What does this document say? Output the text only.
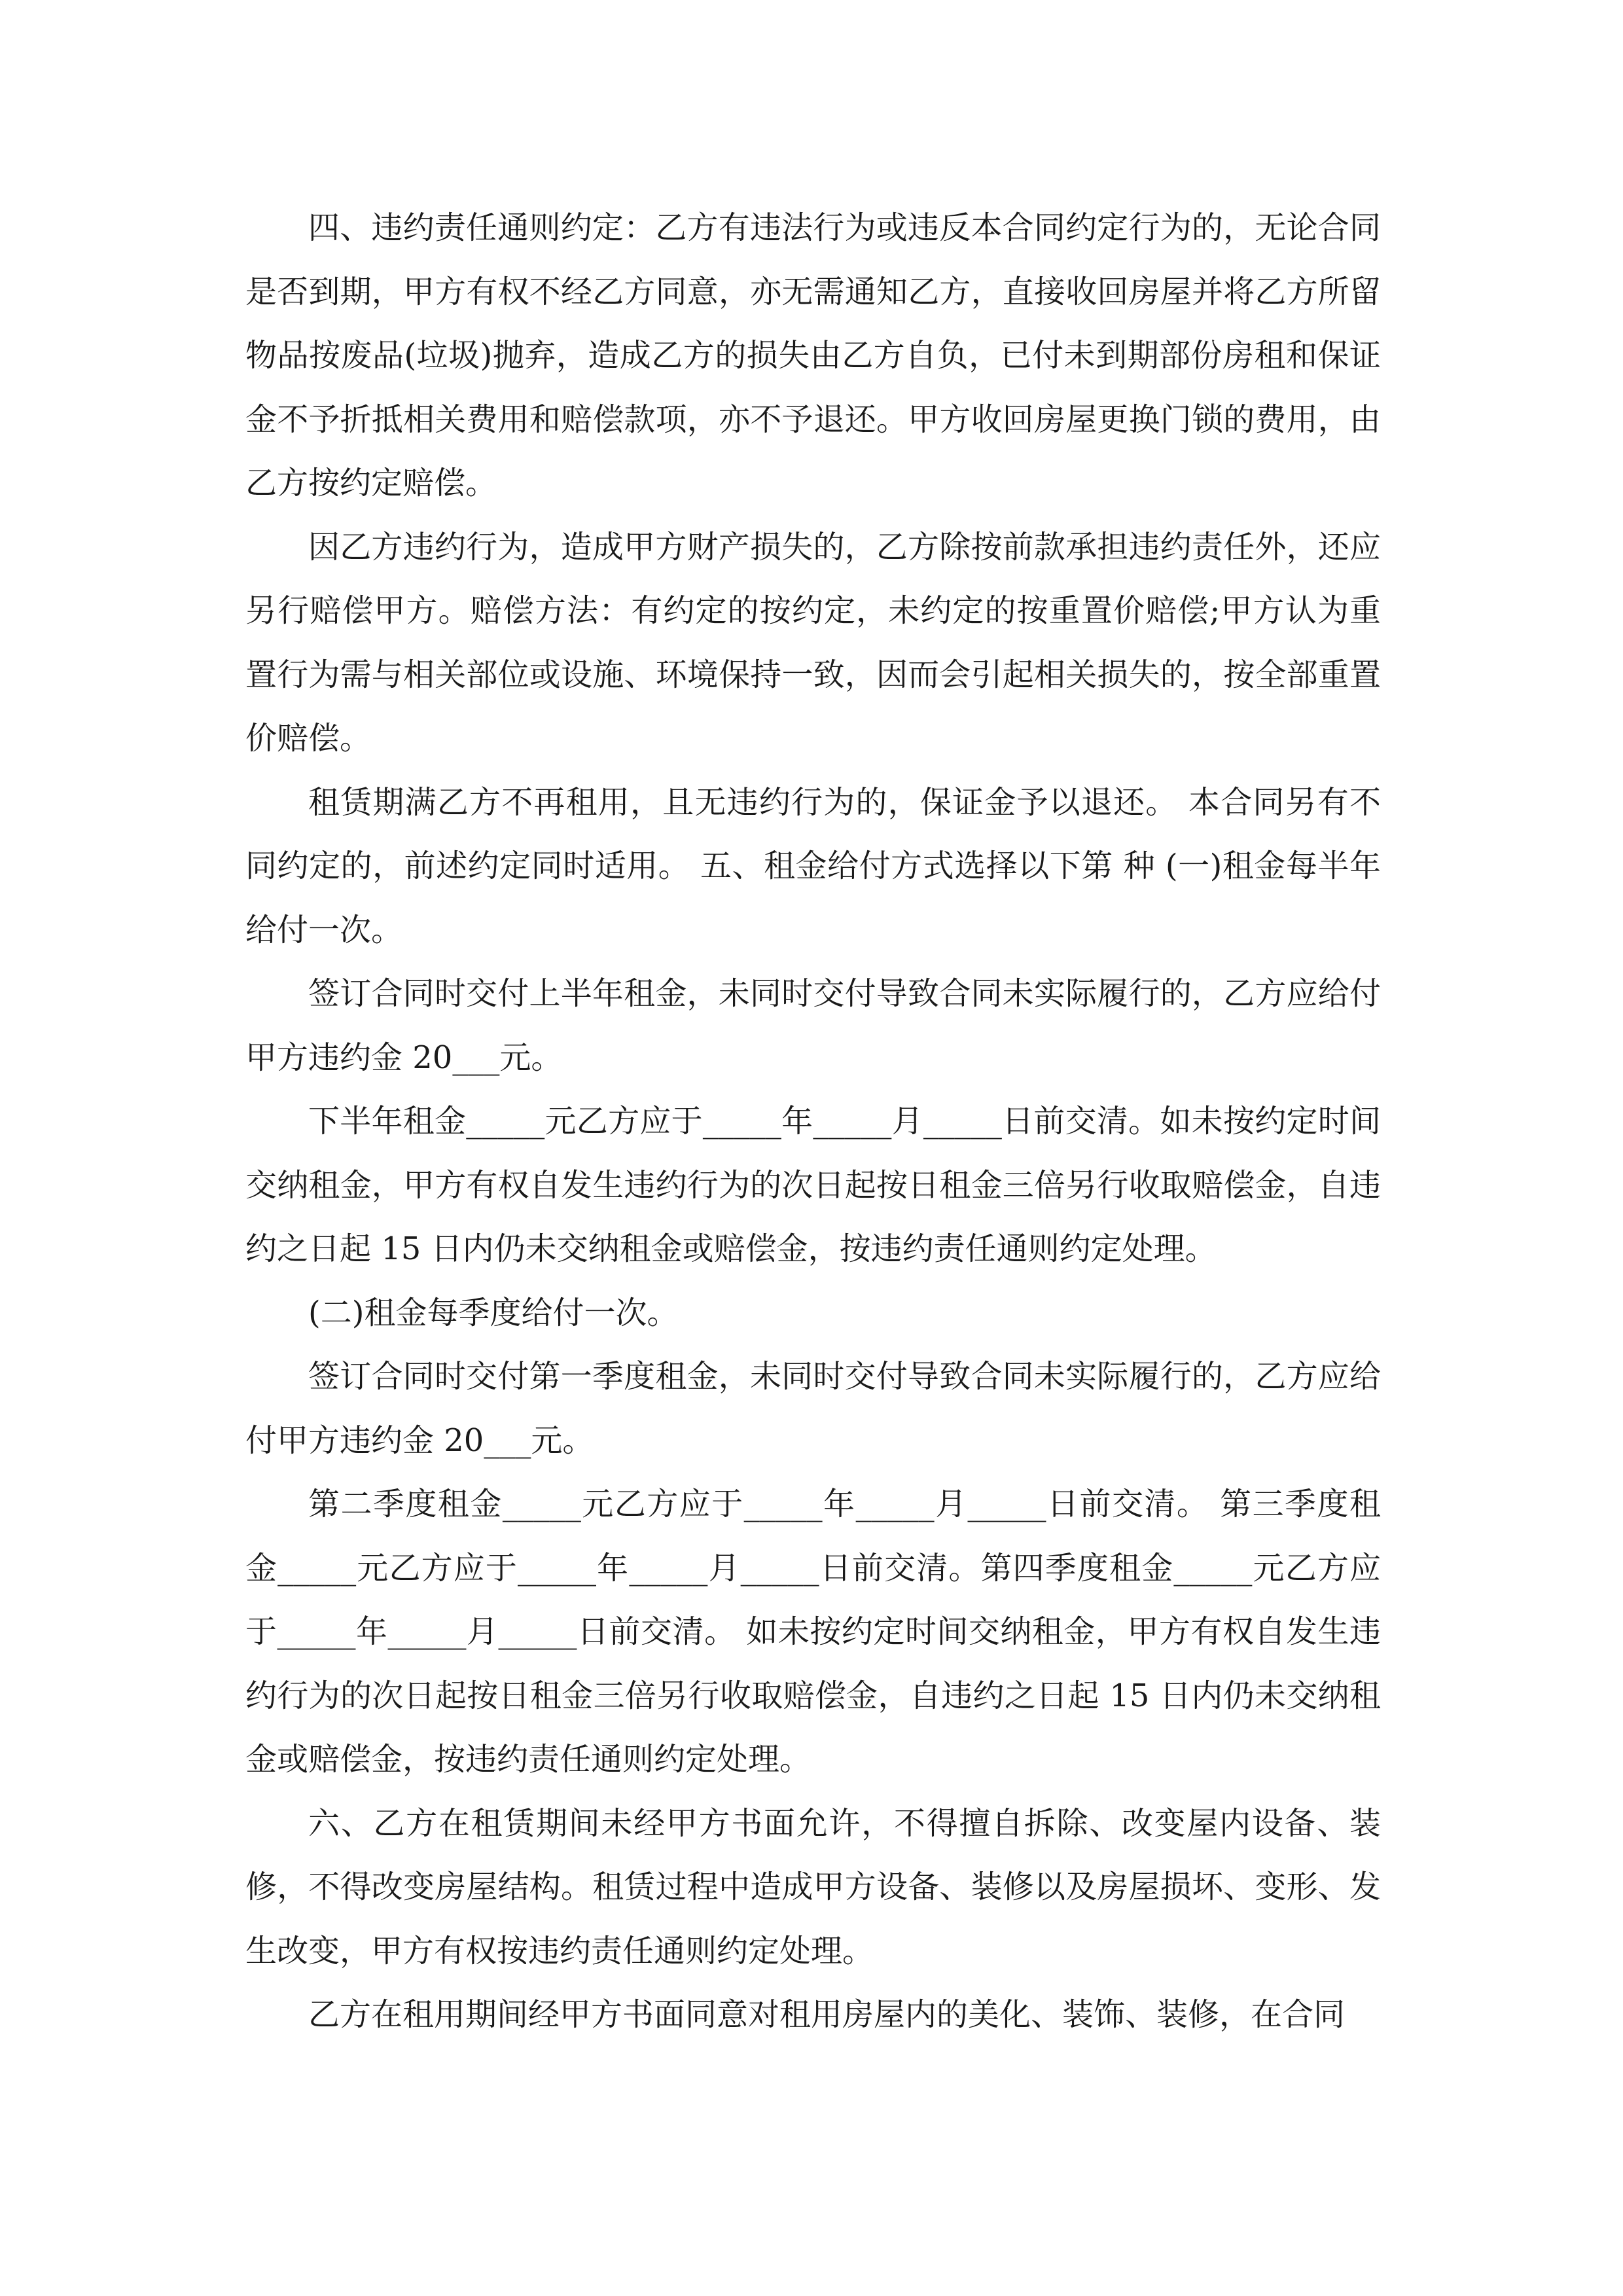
四、违约责任通则约定：乙方有违法行为或违反本合同约定行为的，无论合同是否到期，甲方有权不经乙方同意，亦无需通知乙方，直接收回房屋并将乙方所留物品按废品(垃圾)抛弃，造成乙方的损失由乙方自负，已付未到期部份房租和保证金不予折抵相关费用和赔偿款项，亦不予退还。甲方收回房屋更换门锁的费用，由乙方按约定赔偿。

因乙方违约行为，造成甲方财产损失的，乙方除按前款承担违约责任外，还应另行赔偿甲方。赔偿方法：有约定的按约定，未约定的按重置价赔偿;甲方认为重置行为需与相关部位或设施、环境保持一致，因而会引起相关损失的，按全部重置价赔偿。

租赁期满乙方不再租用，且无违约行为的，保证金予以退还。 本合同另有不同约定的，前述约定同时适用。 五、租金给付方式选择以下第 种 (一)租金每半年给付一次。

签订合同时交付上半年租金，未同时交付导致合同未实际履行的，乙方应给付甲方违约金 20___元。

下半年租金_____元乙方应于_____年_____月_____日前交清。如未按约定时间交纳租金，甲方有权自发生违约行为的次日起按日租金三倍另行收取赔偿金，自违约之日起 15 日内仍未交纳租金或赔偿金，按违约责任通则约定处理。

(二)租金每季度给付一次。

签订合同时交付第一季度租金，未同时交付导致合同未实际履行的，乙方应给付甲方违约金 20___元。

第二季度租金_____元乙方应于_____年_____月_____日前交清。 第三季度租金_____元乙方应于_____年_____月_____日前交清。第四季度租金_____元乙方应于_____年_____月_____日前交清。 如未按约定时间交纳租金，甲方有权自发生违约行为的次日起按日租金三倍另行收取赔偿金，自违约之日起 15 日内仍未交纳租金或赔偿金，按违约责任通则约定处理。

六、乙方在租赁期间未经甲方书面允许，不得擅自拆除、改变屋内设备、装修，不得改变房屋结构。租赁过程中造成甲方设备、装修以及房屋损坏、变形、发生改变，甲方有权按违约责任通则约定处理。

乙方在租用期间经甲方书面同意对租用房屋内的美化、装饰、装修，在合同
